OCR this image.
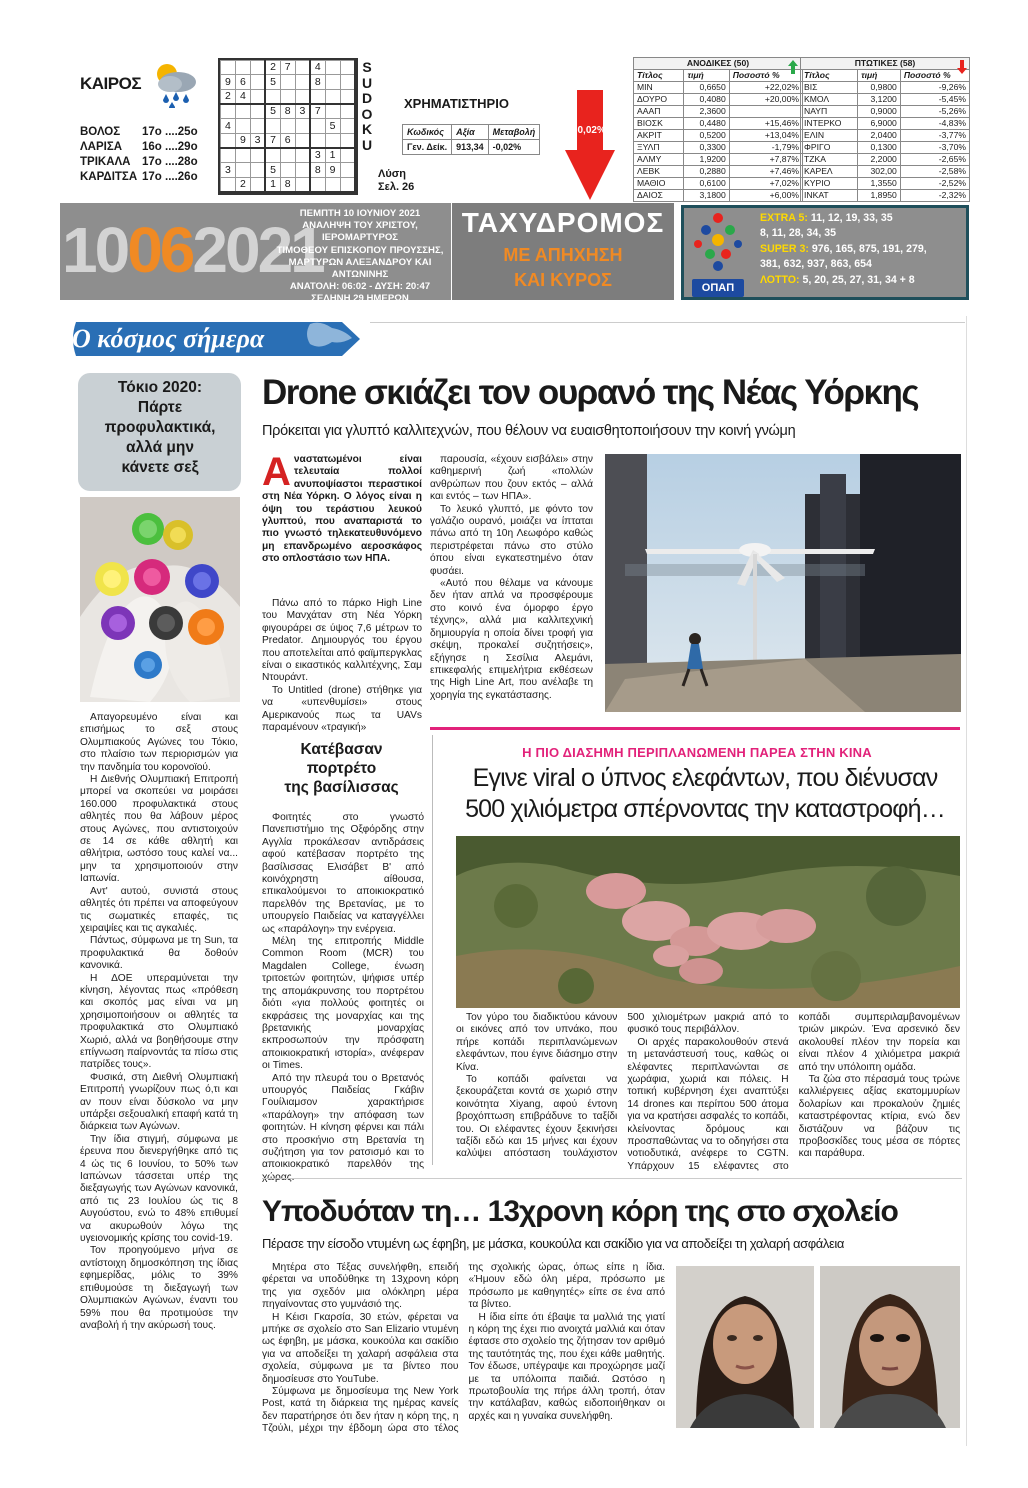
ΚΑΙΡΟΣ
ΒΟΛΟΣ 17ο ....25ο
ΛΑΡΙΣΑ 16ο ....29ο
ΤΡΙΚΑΛΑ 17ο ....28ο
ΚΑΡΔΙΤΣΑ 17ο ....26ο
			2	7		4		
9	6		5			8		
2	4							
			5	8	3	7		
4							5	
	9	3	7	6				
						3	1	
3			5			8	9	
	2		1	8				
S
U
D
O
K
U
Λύση
Σελ. 26
ΧΡΗΜΑΤΙΣΤΗΡΙΟ
Κωδικός	Αξία	Μεταβολή
Γεν. Δείκ.	913,34	-0,02%
-0,02%
ΑΝΟΔΙΚΕΣ (50)		
Τίτλος	τιμή	Ποσοστό %
ΜΙΝ	0,6650	+22,02%
ΔΟΥΡΟ	0,4080	+20,00%
ΑΑΑΠ	2,3600	
ΒΙΟΣΚ	0,4480	+15,46%
ΑΚΡΙΤ	0,5200	+13,04%
ΞΥΛΠ	0,3300	-1,79%
ΑΛΜΥ	1,9200	+7,87%
ΛΕΒΚ	0,2880	+7,46%
ΜΑΘΙΟ	0,6100	+7,02%
ΔΑΙΟΣ	3,1800	+6,00%
ΠΤΩΤΙΚΕΣ (58)		
Τίτλος	τιμή	Ποσοστό %
ΒΙΣ	0,9800	-9,26%
ΚΜΟΛ	3,1200	-5,45%
ΝΑΥΠ	0,9000	-5,26%
ΙΝΤΕΡΚΟ	6,9000	-4,83%
ΕΛΙΝ	2,0400	-3,77%
ΦΡΙΓΟ	0,1300	-3,70%
ΤΖΚΑ	2,2000	-2,65%
ΚΑΡΕΛ	302,00	-2,58%
ΚΥΡΙΟ	1,3550	-2,52%
ΙΝΚΑΤ	1,8950	-2,32%
10062021
ΠΕΜΠΤΗ 10 ΙΟΥΝΙΟΥ 2021
ΑΝΑΛΗΨΗ ΤΟΥ ΧΡΙΣΤΟΥ, ΙΕΡΟΜΑΡΤΥΡΟΣ
ΤΙΜΟΘΕΟΥ ΕΠΙΣΚΟΠΟΥ ΠΡΟΥΣΣΗΣ,
ΜΑΡΤΥΡΩΝ ΑΛΕΞΑΝΔΡΟΥ ΚΑΙ ΑΝΤΩΝΙΝΗΣ
ΑΝΑΤΟΛΗ: 06:02 - ΔΥΣΗ: 20:47
ΣΕΛΗΝΗ 29 ΗΜΕΡΩΝ
ΤΑΧΥΔΡΟΜΟΣ
ΜΕ ΑΠΗΧΗΣΗ
ΚΑΙ ΚΥΡΟΣ	ΟΠΑΠ
EXTRA 5: 11, 12, 19, 33, 35
8, 11, 28, 34, 35
SUPER 3: 976, 165, 875, 191, 279,
381, 632, 937, 863, 654
ΛΟΤΤΟ: 5, 20, 25, 27, 31, 34 + 8
Ο κόσμος σήμερα
Τόκιο 2020:
Πάρτε
προφυλακτικά,
αλλά μην
κάνετε σεξ

Απαγορευμένο είναι και επισήμως το σεξ στους Ολυμπιακούς Αγώνες του Τόκιο, στο πλαίσιο των περιορισμών για την πανδημία του κορονοϊού.

Η Διεθνής Ολυμπιακή Επιτροπή μπορεί να σκοπεύει να μοιράσει 160.000 προφυλακτικά στους αθλητές που θα λάβουν μέρος στους Αγώνες, που αντιστοιχούν σε 14 σε κάθε αθλητή και αθλήτρια, ωστόσο τους καλεί να... μην τα χρησιμοποιούν στην Ιαπωνία.

Αντ' αυτού, συνιστά στους αθλητές ότι πρέπει να αποφεύγουν τις σωματικές επαφές, τις χειραψίες και τις αγκαλιές.

Πάντως, σύμφωνα με τη Sun, τα προφυλακτικά θα δοθούν κανονικά.

Η ΔΟΕ υπεραμύνεται την κίνηση, λέγοντας πως «πρόθεση και σκοπός μας είναι να μη χρησιμοποιήσουν οι αθλητές τα προφυλακτικά στο Ολυμπιακό Χωριό, αλλά να βοηθήσουμε στην επίγνωση παίρνοντάς τα πίσω στις πατρίδες τους».

Φυσικά, στη Διεθνή Ολυμπιακή Επιτροπή γνωρίζουν πως ό,τι και αν πουν είναι δύσκολο να μην υπάρξει σεξουαλική επαφή κατά τη διάρκεια των Αγώνων.

Την ίδια στιγμή, σύμφωνα με έρευνα που διενεργήθηκε από τις 4 ώς τις 6 Ιουνίου, το 50% των Ιαπώνων τάσσεται υπέρ της διεξαγωγής των Αγώνων κανονικά, από τις 23 Ιουλίου ώς τις 8 Αυγούστου, ενώ το 48% επιθυμεί να ακυρωθούν λόγω της υγειονομικής κρίσης του covid-19.

Τον προηγούμενο μήνα σε αντίστοιχη δημοσκόπηση της ίδιας εφημερίδας, μόλις το 39% επιθυμούσε τη διεξαγωγή των Ολυμπιακών Αγώνων, έναντι του 59% που θα προτιμούσε την αναβολή ή την ακύρωσή τους.

Drone σκιάζει τον ουρανό της Νέας Υόρκης
Πρόκειται για γλυπτό καλλιτεχνών, που θέλουν να ευαισθητοποιήσουν την κοινή γνώμη
Αναστατωμένοι είναι τελευταία πολλοί ανυποψίαστοι περαστικοί στη Νέα Υόρκη. Ο λόγος είναι η όψη του τεράστιου λευκού γλυπτού, που αναπαριστά το πιο γνωστό τηλεκατευθυνόμενο μη επανδρωμένο αεροσκάφος στο οπλοστάσιο των ΗΠΑ.

Πάνω από το πάρκο High Line του Μανχάταν στη Νέα Υόρκη φιγουράρει σε ύψος 7,6 μέτρων το Predator. Δημιουργός του έργου που αποτελείται από φαϊμπεργκλας είναι ο εικαστικός καλλιτέχνης, Σαμ Ντουράντ.

Το Untitled (drone) στήθηκε για να «υπενθυμίσει» στους Αμερικανούς πως τα UAVs παραμένουν «τραγική»

παρουσία, «έχουν εισβάλει» στην καθημερινή ζωή «πολλών ανθρώπων που ζουν εκτός – αλλά και εντός – των ΗΠΑ».

Το λευκό γλυπτό, με φόντο τον γαλάζιο ουρανό, μοιάζει να ίπταται πάνω από τη 10η Λεωφόρο καθώς περιστρέφεται πάνω στο στύλο όπου είναι εγκατεστημένο όταν φυσάει.

«Αυτό που θέλαμε να κάνουμε δεν ήταν απλά να προσφέρουμε στο κοινό ένα όμορφο έργο τέχνης», αλλά μια καλλιτεχνική δημιουργία η οποία δίνει τροφή για σκέψη, προκαλεί συζητήσεις», εξήγησε η Σεσίλια Αλεμάνι, επικεφαλής επιμελήτρια εκθέσεων της High Line Art, που ανέλαβε τη χορηγία της εγκατάστασης.

Κατέβασαν
πορτρέτο
της βασίλισσας

Φοιτητές στο γνωστό Πανεπιστήμιο της Οξφόρδης στην Αγγλία προκάλεσαν αντιδράσεις αφού κατέβασαν πορτρέτο της βασίλισσας Ελισάβετ Β' από κοινόχρηστη αίθουσα, επικαλούμενοι το αποικιοκρατικό παρελθόν της Βρετανίας, με το υπουργείο Παιδείας να καταγγέλλει ως «παράλογη» την ενέργεια.

Μέλη της επιτροπής Middle Common Room (MCR) του Magdalen College, ένωση τριτοετών φοιτητών, ψήφισε υπέρ της απομάκρυνσης του πορτρέτου διότι «για πολλούς φοιτητές οι εκφράσεις της μοναρχίας και της βρετανικής μοναρχίας εκπροσωπούν την πρόσφατη αποικιοκρατική ιστορία», ανέφεραν οι Times.

Από την πλευρά του ο Βρετανός υπουργός Παιδείας Γκάβιν Γουίλιαμσον χαρακτήρισε «παράλογη» την απόφαση των φοιτητών. Η κίνηση φέρνει και πάλι στο προσκήνιο στη Βρετανία τη συζήτηση για τον ρατσισμό και το αποικιοκρατικό παρελθόν της χώρας.

Η ΠΙΟ ΔΙΑΣΗΜΗ ΠΕΡΙΠΛΑΝΩΜΕΝΗ ΠΑΡΕΑ ΣΤΗΝ ΚΙΝΑ
Εγινε viral ο ύπνος ελεφάντων, που διένυσαν
500 χιλιόμετρα σπέρνοντας την καταστροφή…

Τον γύρο του διαδικτύου κάνουν οι εικόνες από τον υπνάκο, που πήρε κοπάδι περιπλανώμενων ελεφάντων, που έγινε διάσημο στην Κίνα.

Το κοπάδι φαίνεται να ξεκουράζεται κοντά σε χωριό στην κοινότητα Xiyang, αφού έντονη βροχόπτωση επιβράδυνε το ταξίδι του. Οι ελέφαντες έχουν ξεκινήσει ταξίδι εδώ και 15 μήνες και έχουν καλύψει απόσταση τουλάχιστον 500 χιλιομέτρων μακριά από το φυσικό τους περιβάλλον.

Οι αρχές παρακολουθούν στενά τη μετανάστευσή τους, καθώς οι ελέφαντες περιπλανώνται σε χωράφια, χωριά και πόλεις. Η τοπική κυβέρνηση έχει αναπτύξει 14 drones και περίπου 500 άτομα για να κρατήσει ασφαλές το κοπάδι, κλείνοντας δρόμους και προσπαθώντας να το οδηγήσει στα νοτιοδυτικά, ανέφερε το CGTN. Υπάρχουν 15 ελέφαντες στο κοπάδι συμπεριλαμβανομένων τριών μικρών. Ένα αρσενικό δεν ακολουθεί πλέον την πορεία και είναι πλέον 4 χιλιόμετρα μακριά από την υπόλοιπη ομάδα.

Τα ζώα στο πέρασμά τους τρώνε καλλιέργειες αξίας εκατομμυρίων δολαρίων και προκαλούν ζημιές καταστρέφοντας κτίρια, ενώ δεν διστάζουν να βάζουν τις προβοσκίδες τους μέσα σε πόρτες και παράθυρα.

Υποδυόταν τη… 13χρονη κόρη της στο σχολείο
Πέρασε την είσοδο ντυμένη ως έφηβη, με μάσκα, κουκούλα και σακίδιο για να αποδείξει τη χαλαρή ασφάλεια

Μητέρα στο Τέξας συνελήφθη, επειδή φέρεται να υποδύθηκε τη 13χρονη κόρη της για σχεδόν μια ολόκληρη μέρα πηγαίνοντας στο γυμνάσιό της.

Η Κέισι Γκαρσία, 30 ετών, φέρεται να μπήκε σε σχολείο στο San Elizario ντυμένη ως έφηβη, με μάσκα, κουκούλα και σακίδιο για να αποδείξει τη χαλαρή ασφάλεια στα σχολεία, σύμφωνα με τα βίντεο που δημοσίευσε στο YouTube.

Σύμφωνα με δημοσίευμα της New York Post, κατά τη διάρκεια της ημέρας κανείς δεν παρατήρησε ότι δεν ήταν η κόρη της, η Τζούλι, μέχρι την έβδομη ώρα στο τέλος της σχολικής ώρας, όπως είπε η ίδια. «Ήμουν εδώ όλη μέρα, πρόσωπο με πρόσωπο με καθηγητές» είπε σε ένα από τα βίντεο.

Η ίδια είπε ότι έβαψε τα μαλλιά της γιατί η κόρη της έχει πιο ανοιχτά μαλλιά και όταν έφτασε στο σχολείο της ζήτησαν τον αριθμό της ταυτότητάς της, που έχει κάθε μαθητής. Τον έδωσε, υπέγραψε και προχώρησε μαζί με τα υπόλοιπα παιδιά. Ωστόσο η πρωτοβουλία της πήρε άλλη τροπή, όταν την κατάλαβαν, καθώς ειδοποιήθηκαν οι αρχές και η γυναίκα συνελήφθη.
